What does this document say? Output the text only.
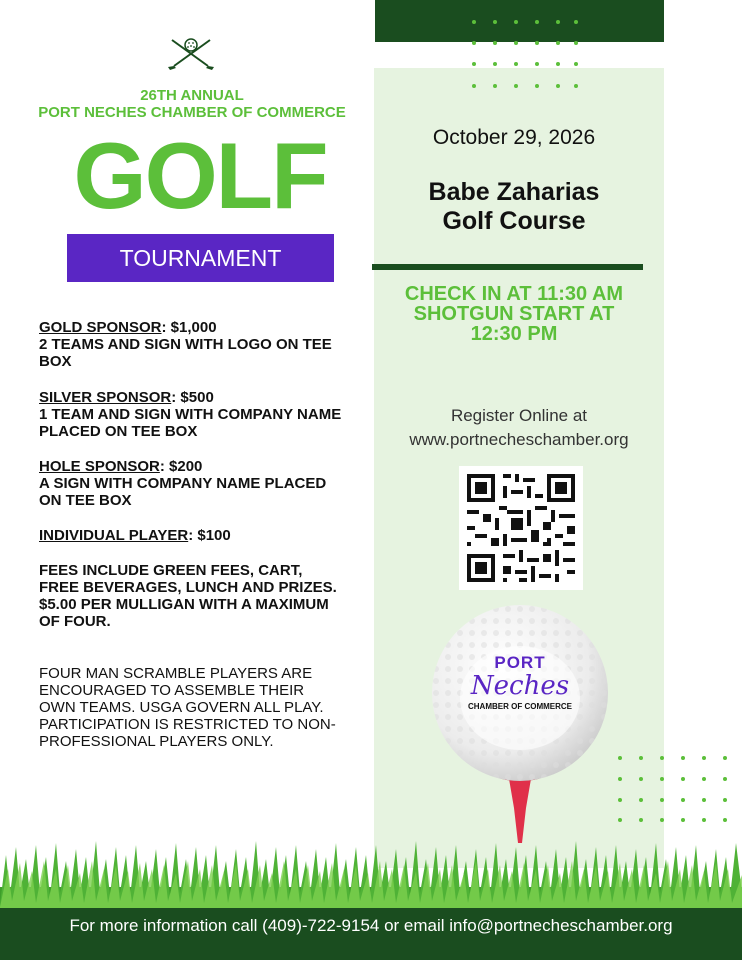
26TH ANNUAL
PORT NECHES CHAMBER OF COMMERCE
GOLF
TOURNAMENT
GOLD SPONSOR: $1,000
2 TEAMS AND SIGN WITH LOGO ON TEE BOX
SILVER SPONSOR: $500
1 TEAM AND SIGN WITH COMPANY NAME PLACED ON TEE BOX
HOLE SPONSOR: $200
A SIGN WITH COMPANY NAME PLACED ON TEE BOX
INDIVIDUAL PLAYER: $100
FEES INCLUDE GREEN FEES, CART, FREE BEVERAGES, LUNCH AND PRIZES. $5.00 PER MULLIGAN WITH A MAXIMUM OF FOUR.
FOUR MAN SCRAMBLE PLAYERS ARE ENCOURAGED TO ASSEMBLE THEIR OWN TEAMS. USGA GOVERN ALL PLAY. PARTICIPATION IS RESTRICTED TO NON-PROFESSIONAL PLAYERS ONLY.
October 29, 2026
Babe Zaharias
Golf Course
CHECK IN AT 11:30 AM
SHOTGUN START AT
12:30 PM
Register Online at
www.portnecheschamber.org
PORT
Neches
CHAMBER OF COMMERCE
For more information call (409)-722-9154 or email info@portnecheschamber.org
